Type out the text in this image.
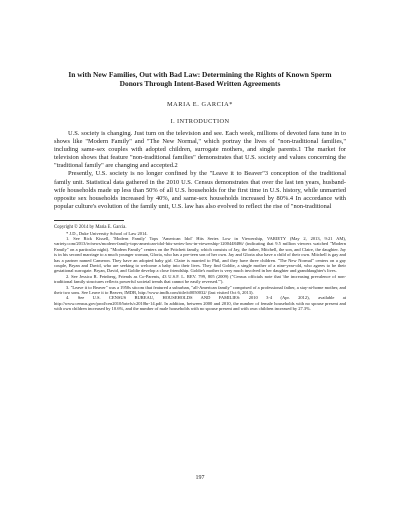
In with New Families, Out with Bad Law: Determining the Rights of Known Sperm Donors Through Intent-Based Written Agreements
MARIA E. GARCIA*
I. INTRODUCTION

U.S. society is changing. Just turn on the television and see. Each week, millions of devoted fans tune in to shows like "Modern Family" and "The New Normal," which portray the lives of "non-traditional families," including same-sex couples with adopted children, surrogate mothers, and single parents.1 The market for television shows that feature "non-traditional families" demonstrates that U.S. society and values concerning the "traditional family" are changing and accepted.2

Presently, U.S. society is no longer confined by the "Leave it to Beaver"3 conception of the traditional family unit. Statistical data gathered in the 2010 U.S. Census demonstrates that over the last ten years, husband-wife households made up less than 50% of all U.S. households for the first time in U.S. history, while unmarried opposite sex households increased by 40%, and same-sex households increased by 80%.4 In accordance with popular culture's evolution of the family unit, U.S. law has also evolved to reflect the rise of "non-traditional

Copyright © 2014 by Maria E. Garcia.

* J.D., Duke University School of Law 2014.

1. See Rick Kissell, 'Modern Family' Tops 'American Idol' Hits Series Low in Viewership, VARIETY (May 2, 2013, 9:21 AM), variety.com/2013/tv/news/modern-family-tops-american-idol-hits-series-low-in-viewership-1200448486/ (indicating that 9.5 million viewers watched "Modern Family" on a particular night). "Modern Family" centers on the Pritchett family, which consists of Jay, the father, Mitchell, the son, and Claire, the daughter. Jay is in his second marriage to a much younger woman, Gloria, who has a pre-teen son of her own. Jay and Gloria also have a child of their own. Mitchell is gay and has a partner named Cameron. They have an adopted baby girl. Claire is married to Phil, and they have three children. "The New Normal" centers on a gay couple, Bryan and David, who are seeking to welcome a baby into their lives. They find Goldie, a single mother of a nine-year-old, who agrees to be their gestational surrogate. Bryan, David, and Goldie develop a close friendship. Goldie's mother is very much involved in her daughter and granddaughter's lives.

2. See Jessica R. Feinberg, Friends as Co-Parents, 43 U.S.F. L. REV. 799, 805 (2009) ("Census officials note that 'the increasing prevalence of non-traditional family structures reflects powerful societal trends that cannot be easily reversed.'").

3. "Leave it to Beaver" was a 1950s sitcom that featured a suburban, "all-American family" comprised of a professional father, a stay-at-home mother, and their two sons. See Leave it to Beaver, IMDB, http://www.imdb.com/title/tt0050032/ (last visited Oct 6, 2013).

4. See U.S. CENSUS BUREAU, HOUSEHOLDS AND FAMILIES: 2010 3-4 (Apr. 2012), available at http://www.census.gov/prod/cen2010/briefs/c2010br-14.pdf. In addition, between 2000 and 2010, the number of female households with no spouse present and with own children increased by 10.6%, and the number of male households with no spouse present and with own children increased by 27.3%.

197
